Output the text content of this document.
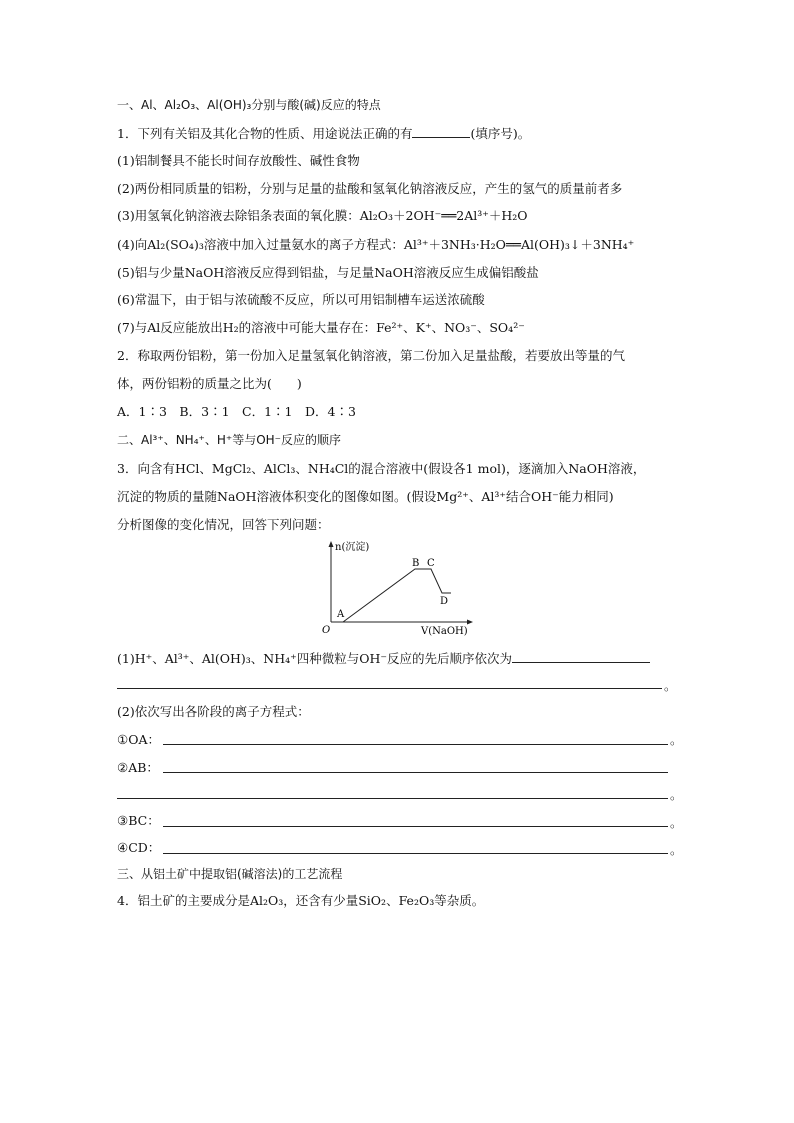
一、Al、Al₂O₃、Al(OH)₃分别与酸(碱)反应的特点
1．下列有关铝及其化合物的性质、用途说法正确的有	(填序号)。
(1)铝制餐具不能长时间存放酸性、碱性食物
(2)两份相同质量的铝粉，分别与足量的盐酸和氢氧化钠溶液反应，产生的氢气的质量前者多
(3)用氢氧化钠溶液去除铝条表面的氧化膜：Al₂O₃＋2OH⁻══2Al³⁺＋H₂O
(4)向Al₂(SO₄)₃溶液中加入过量氨水的离子方程式：Al³⁺＋3NH₃·H₂O══Al(OH)₃↓＋3NH₄⁺
(5)铝与少量NaOH溶液反应得到铝盐，与足量NaOH溶液反应生成偏铝酸盐
(6)常温下，由于铝与浓硫酸不反应，所以可用铝制槽车运送浓硫酸
(7)与Al反应能放出H₂的溶液中可能大量存在：Fe²⁺、K⁺、NO₃⁻、SO₄²⁻
2．称取两份铝粉，第一份加入足量氢氧化钠溶液，第二份加入足量盐酸，若要放出等量的气
体，两份铝粉的质量之比为(　　)
A．1∶3　B．3∶1　C．1∶1　D．4∶3
二、Al³⁺、NH₄⁺、H⁺等与OH⁻反应的顺序
3．向含有HCl、MgCl₂、AlCl₃、NH₄Cl的混合溶液中(假设各1 mol)，逐滴加入NaOH溶液，
沉淀的物质的量随NaOH溶液体积变化的图像如图。(假设Mg²⁺、Al³⁺结合OH⁻能力相同)
分析图像的变化情况，回答下列问题：
n(沉淀)
V(NaOH)
O
A
B C
D
(1)H⁺、Al³⁺、Al(OH)₃、NH₄⁺四种微粒与OH⁻反应的先后顺序依次为
。
(2)依次写出各阶段的离子方程式：
①OA：	。
②AB：
。
③BC：	。
④CD：	。
三、从铝土矿中提取铝(碱溶法)的工艺流程
4．铝土矿的主要成分是Al₂O₃，还含有少量SiO₂、Fe₂O₃等杂质。
